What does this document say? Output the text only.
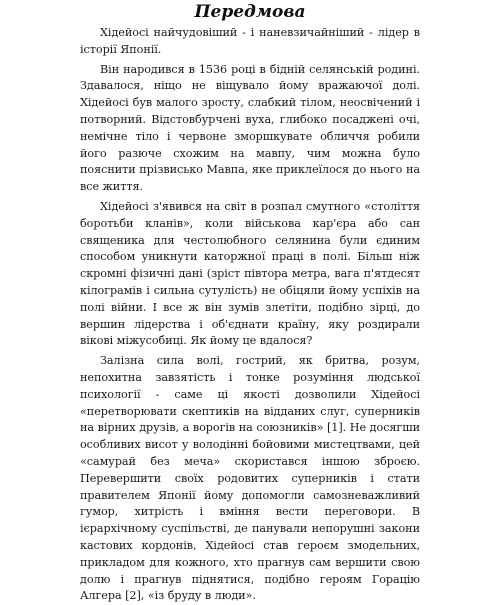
Передмова

Хідейосі найчудовіший - і наневзичайніший - лідер в історії Японії.

Він народився в 1536 році в бідній селянській родині. Здавалося, ніщо не віщувало йому вражаючої долі. Хідейосі був малого зросту, слабкий тілом, неосвічений і потворний. Відстовбурчені вуха, глибоко посаджені очі, немічне тіло і червоне зморшкувате обличчя робили його разюче схожим на мавпу, чим можна було пояснити прізвисько Мавпа, яке приклеїлося до нього на все життя.

Хідейосі з'явився на світ в розпал смутного «століття боротьби кланів», коли військова кар'єра або сан священика для честолюбного селянина були єдиним способом уникнути каторжної праці в полі. Більш ніж скромні фізичні дані (зріст півтора метра, вага п'ятдесят кілограмів і сильна сутулість) не обіцяли йому успіхів на полі війни. І все ж він зумів злетіти, подібно зірці, до вершин лідерства і об'єднати країну, яку роздирали вікові міжусобиці. Як йому це вдалося?

Залізна сила волі, гострий, як бритва, розум, непохитна завзятість і тонке розуміння людської психології - саме ці якості дозволили Хідейосі «перетворювати скептиків на відданих слуг, суперників на вірних друзів, а ворогів на союзників» [1]. Не досягши особливих висот у володінні бойовими мистецтвами, цей «самурай без меча» скористався іншою зброєю. Перевершити своїх родовитих суперників і стати правителем Японії йому допомогли самозневажливий гумор, хитрість і вміння вести переговори. В ієрархічному суспільстві, де панували непорушні закони кастових кордонів, Хідейосі став героєм змодельних, прикладом для кожного, хто прагнув сам вершити свою долю і прагнув піднятися, подібно героям Горацію Алгера [2], «із бруду в люди».
